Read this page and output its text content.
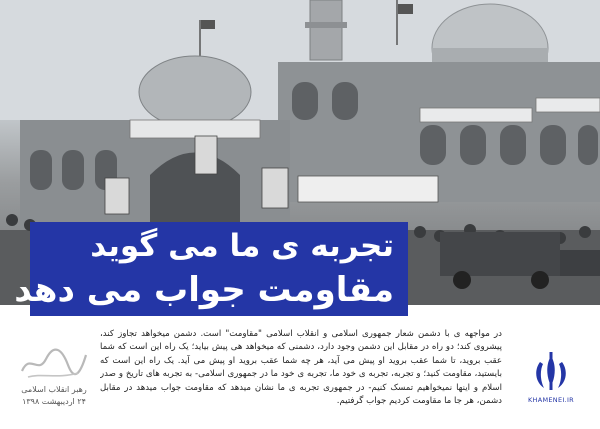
تجربه ی ما می گوید
مقاومت جواب می دهد
در مواجهه ی با دشمن شعار جمهوری اسلامی و انقلاب اسلامی "مقاومت" است. دشمن میخواهد تجاوز کند، پیشروی کند؛ دو راه در مقابل این دشمن وجود دارد، دشمنی که میخواهد هی پیش بیاید؛ یک راه این است که شما عقب بروید، تا شما عقب بروید او پیش می آید، هر چه شما عقب بروید او پیش می آید. یک راه این است که بایستید، مقاومت کنید؛ و تجربه، تجربه ی خود ما، تجربه ی خود ما در جمهوری اسلامی- به تجربه های تاریخ و صدر اسلام و اینها نمیخواهیم تمسک کنیم- در جمهوری تجربه ی ما نشان میدهد که مقاومت جواب میدهد در مقابل دشمن، هر جا ما مقاومت کردیم جواب گرفتیم.
رهبر انقلاب اسلامی
۲۴ اردیبهشت ۱۳۹۸	KHAMENEI.IR
